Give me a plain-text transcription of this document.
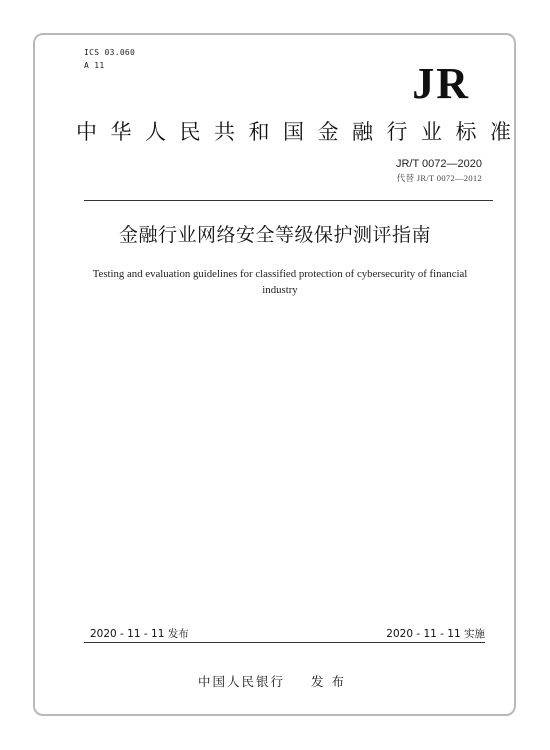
ICS 03.060
A 11	JR
中华人民共和国金融行业标准
JR/T 0072—2020
代替 JR/T 0072—2012
金融行业网络安全等级保护测评指南
Testing and evaluation guidelines for classified protection of cybersecurity of financial industry
2020 - 11 - 11 发布	2020 - 11 - 11 实施
中国人民银行 发布
